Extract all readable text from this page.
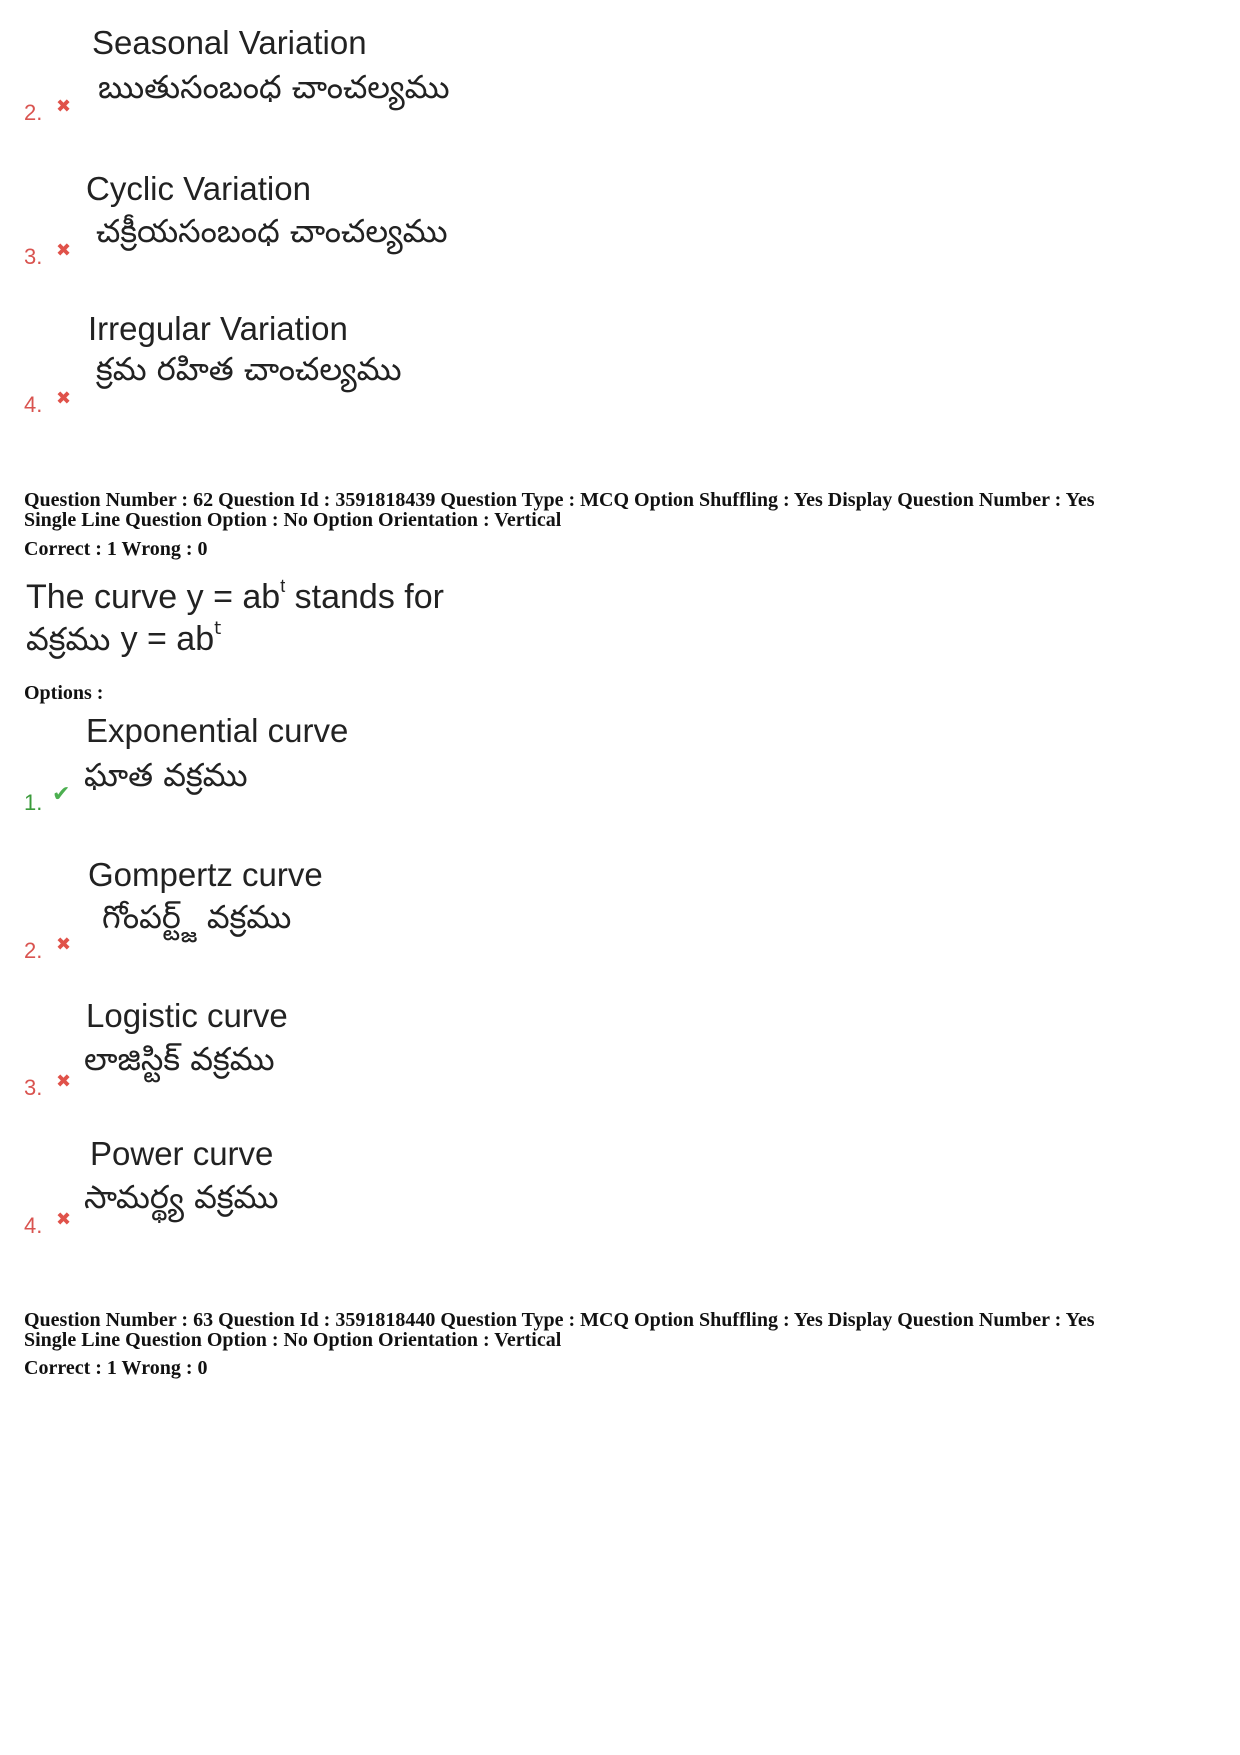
Seasonal Variation
ఋతుసంబంధ చాంచల్యము
2. ✖
Cyclic Variation
చక్రీయసంబంధ చాంచల్యము
3. ✖
Irregular Variation
క్రమ రహిత చాంచల్యము
4. ✖
Question Number : 62 Question Id : 3591818439 Question Type : MCQ Option Shuffling : Yes Display Question Number : Yes
Single Line Question Option : No Option Orientation : Vertical
Correct : 1 Wrong : 0
The curve $y = ab^t$ stands for
వక్రము $y = ab^t$
Options :
Exponential curve
ఘాత వక్రము
1. ✔
Gompertz curve
గోంపర్ట్జ్ వక్రము
2. ✖
Logistic curve
లాజిస్టిక్ వక్రము
3. ✖
Power curve
సామర్థ్య వక్రము
4. ✖
Question Number : 63 Question Id : 3591818440 Question Type : MCQ Option Shuffling : Yes Display Question Number : Yes
Single Line Question Option : No Option Orientation : Vertical
Correct : 1 Wrong : 0
